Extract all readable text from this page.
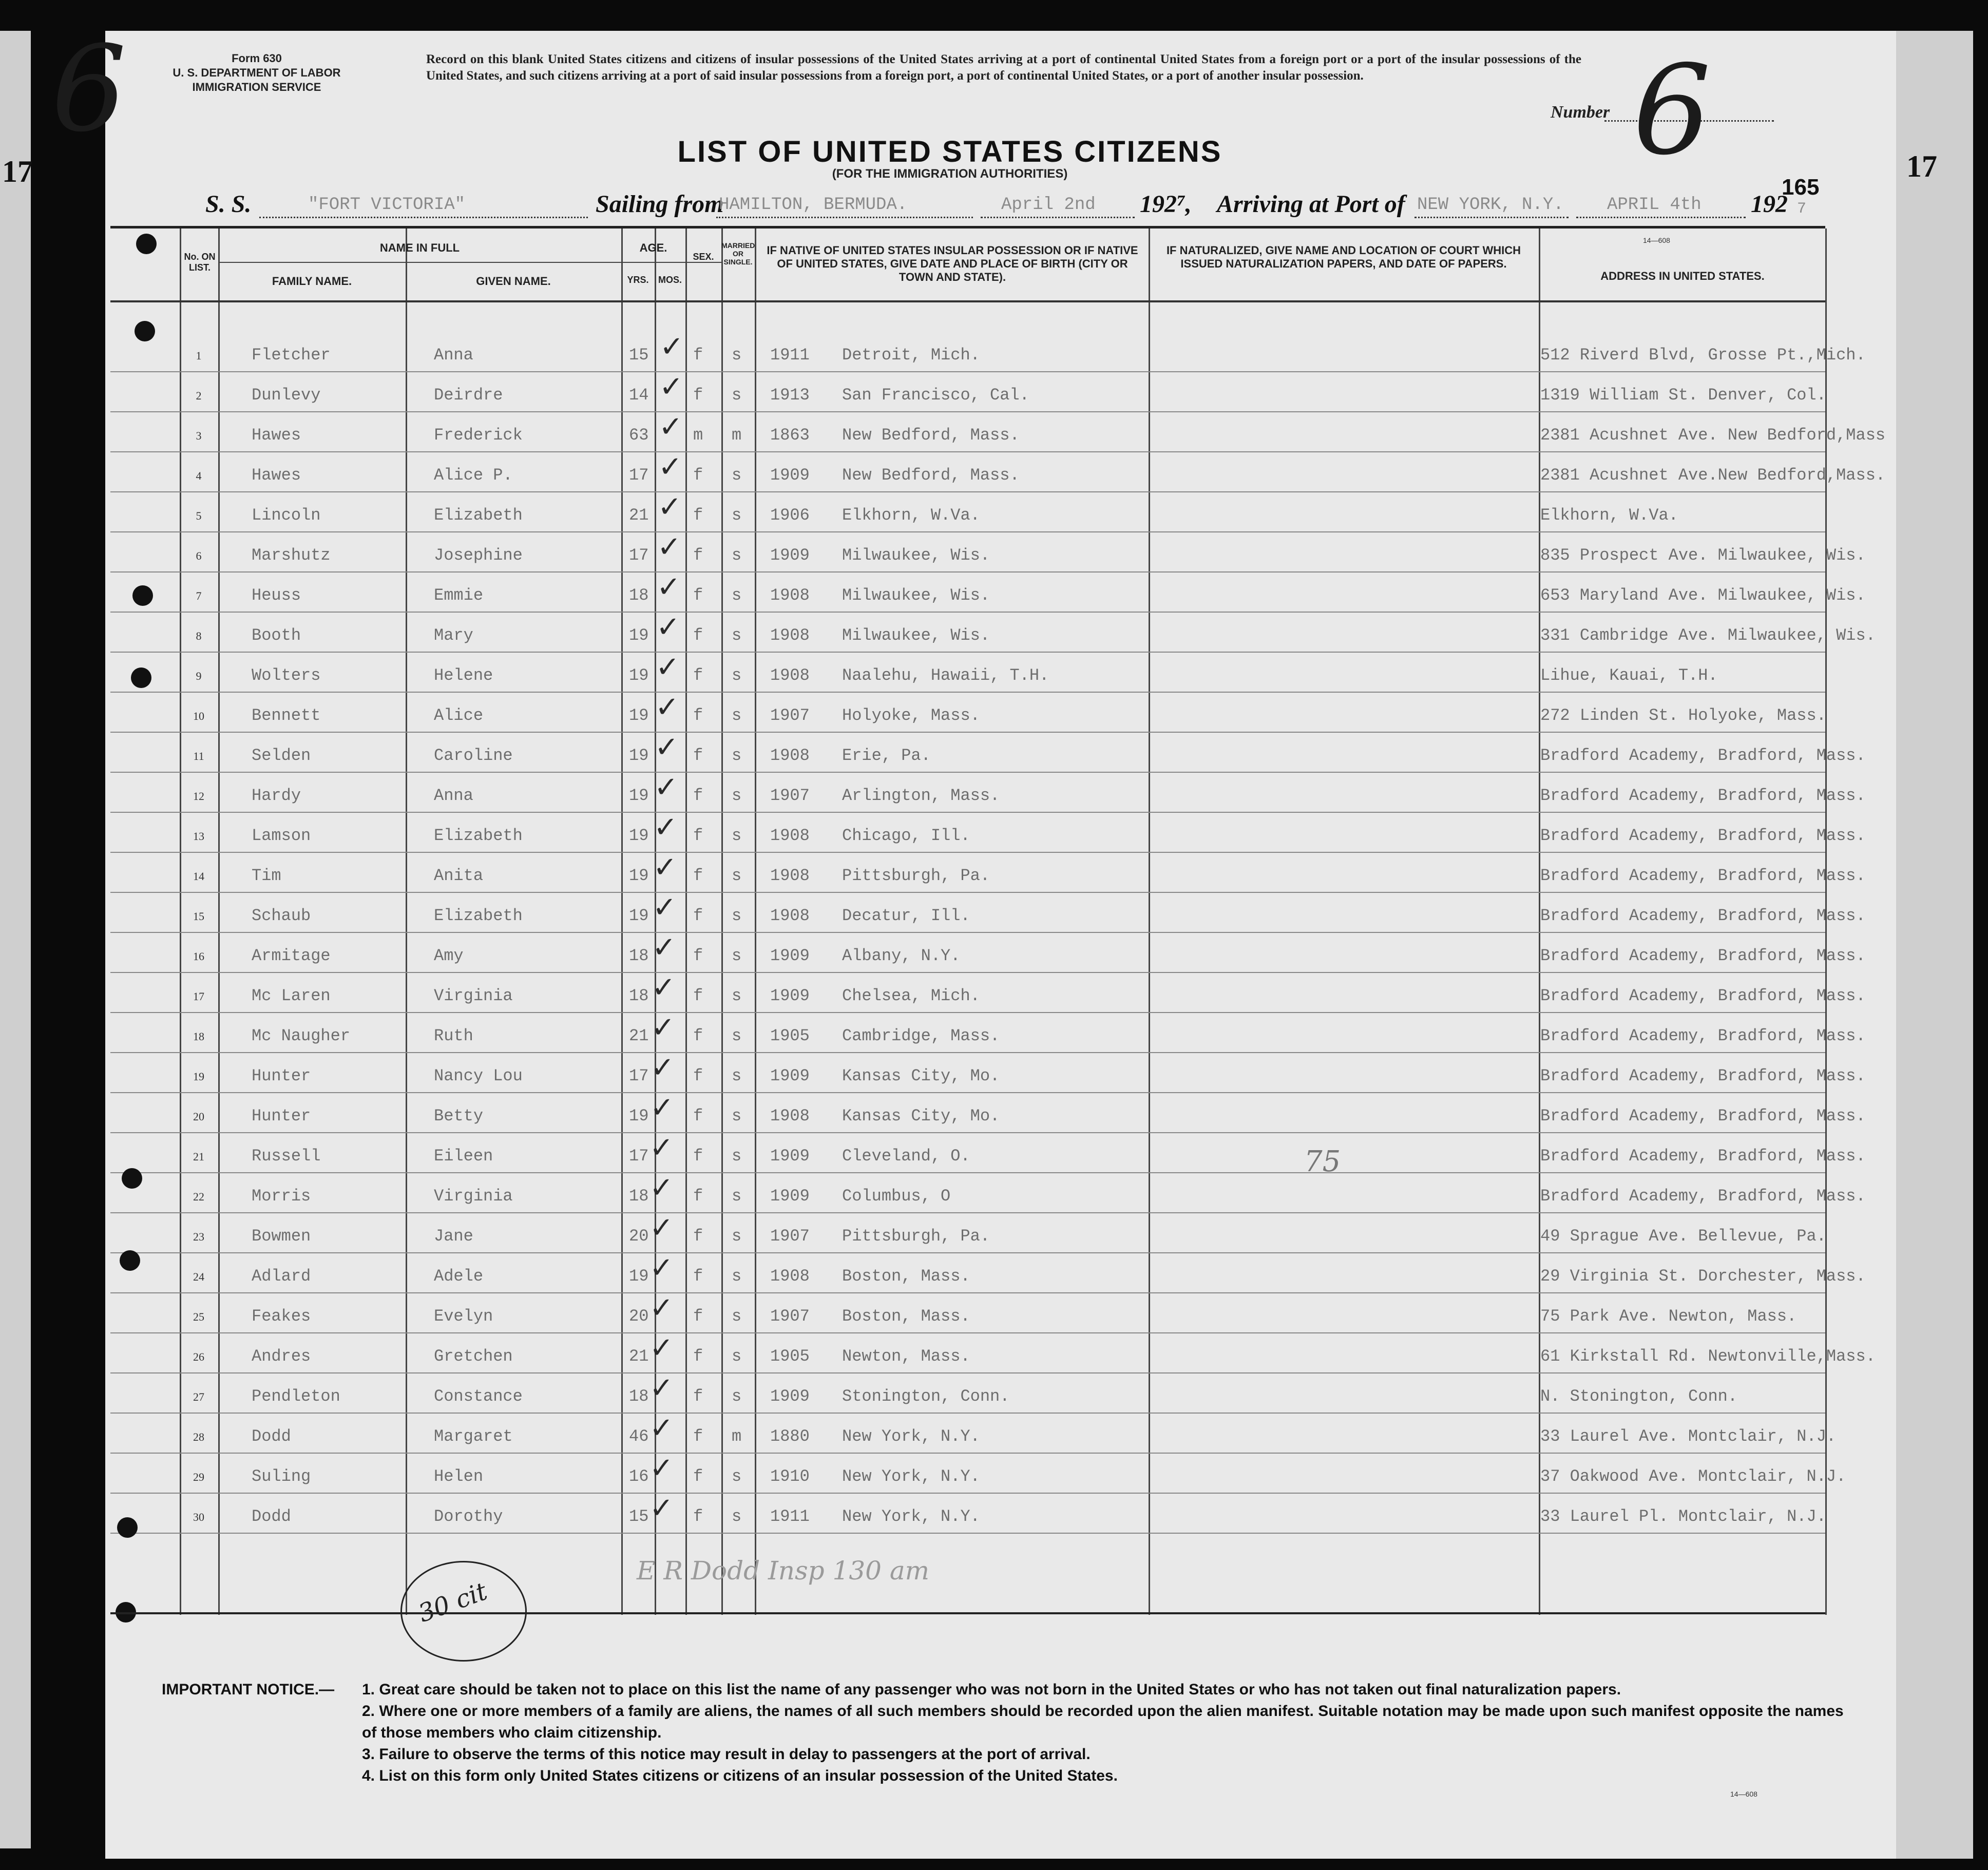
17	17
6	Form 630
U. S. DEPARTMENT OF LABOR
IMMIGRATION SERVICE
Record on this blank United States citizens and citizens of insular possessions of the United States arriving at a port of continental United States from a foreign port or a port of the insular possessions of the United States, and such citizens arriving at a port of said insular possessions from a foreign port, a port of continental United States, or a port of another insular possession.
Number 6
LIST OF UNITED STATES CITIZENS
(FOR THE IMMIGRATION AUTHORITIES)
165
S. S.	"FORT VICTORIA"	Sailing from
HAMILTON, BERMUDA.	April 2nd 192⁷, Arriving at Port of NEW YORK, N.Y. APRIL 4th 192 7
14—608
No. ON LIST.
NAME IN FULL
FAMILY NAME.	GIVEN NAME.
AGE.
YRS.	MOS.
SEX.
MARRIED OR SINGLE.
IF NATIVE OF UNITED STATES INSULAR POSSESSION OR IF NATIVE OF UNITED STATES, GIVE DATE AND PLACE OF BIRTH (CITY OR TOWN AND STATE).
IF NATURALIZED, GIVE NAME AND LOCATION OF COURT WHICH ISSUED NATURALIZATION PAPERS, AND DATE OF PAPERS.
ADDRESS IN UNITED STATES.
1	Fletcher	Anna	15	f s 1911 Detroit, Mich.	512 Riverd Blvd, Grosse Pt.,Mich.
✓
2	Dunlevy	Deirdre	14	f s 1913 San Francisco, Cal.	1319 William St. Denver, Col.
✓
3	Hawes	Frederick	63	m m 1863 New Bedford, Mass.	2381 Acushnet Ave. New Bedford,Mass
✓
4	Hawes	Alice P.	17	f s 1909 New Bedford, Mass.	2381 Acushnet Ave.New Bedford,Mass.
✓
5	Lincoln	Elizabeth	21	f s 1906 Elkhorn, W.Va.	Elkhorn, W.Va.
✓
6	Marshutz	Josephine	17	f s 1909 Milwaukee, Wis.	835 Prospect Ave. Milwaukee, Wis.
✓
7	Heuss	Emmie	18	f s 1908 Milwaukee, Wis.	653 Maryland Ave. Milwaukee, Wis.
✓
8	Booth	Mary	19	f s 1908 Milwaukee, Wis.	331 Cambridge Ave. Milwaukee, Wis.
✓
9	Wolters	Helene	19	f s 1908 Naalehu, Hawaii, T.H.	Lihue, Kauai, T.H.
✓
10	Bennett	Alice	19	f s 1907 Holyoke, Mass.	272 Linden St. Holyoke, Mass.
✓
11	Selden	Caroline	19	f s 1908 Erie, Pa.	Bradford Academy, Bradford, Mass.
✓
12	Hardy	Anna	19	f s 1907 Arlington, Mass.	Bradford Academy, Bradford, Mass.
✓
13	Lamson	Elizabeth	19	f s 1908 Chicago, Ill.	Bradford Academy, Bradford, Mass.
✓
14	Tim	Anita	19	f s 1908 Pittsburgh, Pa.	Bradford Academy, Bradford, Mass.
✓
15	Schaub	Elizabeth	19	f s 1908 Decatur, Ill.	Bradford Academy, Bradford, Mass.
✓
16	Armitage	Amy	18	f s 1909 Albany, N.Y.	Bradford Academy, Bradford, Mass.
✓
17	Mc Laren	Virginia	18	f s 1909 Chelsea, Mich.	Bradford Academy, Bradford, Mass.
✓
18	Mc Naugher	Ruth	21	f s 1905 Cambridge, Mass.	Bradford Academy, Bradford, Mass.
✓
19	Hunter	Nancy Lou	17	f s 1909 Kansas City, Mo.	Bradford Academy, Bradford, Mass.
✓
20	Hunter	Betty	19	f s 1908 Kansas City, Mo.	Bradford Academy, Bradford, Mass.
✓
21	Russell	Eileen	17	f s 1909 Cleveland, O.	Bradford Academy, Bradford, Mass.
✓
22	Morris	Virginia	18	f s 1909 Columbus, O	Bradford Academy, Bradford, Mass.
✓
23	Bowmen	Jane	20	f s 1907 Pittsburgh, Pa.	49 Sprague Ave. Bellevue, Pa.
✓
24	Adlard	Adele	19	f s 1908 Boston, Mass.	29 Virginia St. Dorchester, Mass.
✓
25	Feakes	Evelyn	20	f s 1907 Boston, Mass.	75 Park Ave. Newton, Mass.
✓
26	Andres	Gretchen	21	f s 1905 Newton, Mass.	61 Kirkstall Rd. Newtonville,Mass.
✓
27	Pendleton	Constance	18	f s 1909 Stonington, Conn.	N. Stonington, Conn.
✓
28	Dodd	Margaret	46	f m 1880 New York, N.Y.	33 Laurel Ave. Montclair, N.J.
✓
29	Suling	Helen	16	f s 1910 New York, N.Y.	37 Oakwood Ave. Montclair, N.J.
✓
30	Dodd	Dorothy	15	f s 1911 New York, N.Y.	33 Laurel Pl. Montclair, N.J.
✓
75
E R Dodd Insp 130 am
30 cit
IMPORTANT NOTICE.— 1. Great care should be taken not to place on this list the name of any passenger who was not born in the United States or who has not taken out final naturalization papers.
2. Where one or more members of a family are aliens, the names of all such members should be recorded upon the alien manifest. Suitable notation may be made upon such manifest opposite the names of those members who claim citizenship.
3. Failure to observe the terms of this notice may result in delay to passengers at the port of arrival.
4. List on this form only United States citizens or citizens of an insular possession of the United States.
14—608
